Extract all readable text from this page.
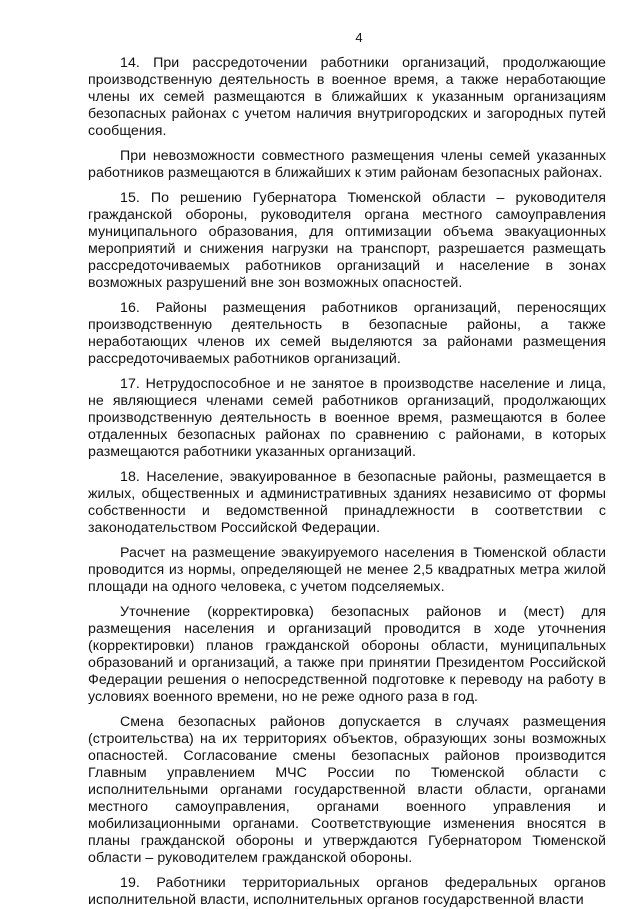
4

14. При рассредоточении работники организаций, продолжающие производственную деятельность в военное время, а также неработающие члены их семей размещаются в ближайших к указанным организациям безопасных районах с учетом наличия внутригородских и загородных путей сообщения.

При невозможности совместного размещения члены семей указанных работников размещаются в ближайших к этим районам безопасных районах.

15. По решению Губернатора Тюменской области – руководителя гражданской обороны, руководителя органа местного самоуправления муниципального образования, для оптимизации объема эвакуационных мероприятий и снижения нагрузки на транспорт, разрешается размещать рассредоточиваемых работников организаций и население в зонах возможных разрушений вне зон возможных опасностей.

16. Районы размещения работников организаций, переносящих производственную деятельность в безопасные районы, а также неработающих членов их семей выделяются за районами размещения рассредоточиваемых работников организаций.

17. Нетрудоспособное и не занятое в производстве население и лица, не являющиеся членами семей работников организаций, продолжающих производственную деятельность в военное время, размещаются в более отдаленных безопасных районах по сравнению с районами, в которых размещаются работники указанных организаций.

18. Население, эвакуированное в безопасные районы, размещается в жилых, общественных и административных зданиях независимо от формы собственности и ведомственной принадлежности в соответствии с законодательством Российской Федерации.

Расчет на размещение эвакуируемого населения в Тюменской области проводится из нормы, определяющей не менее 2,5 квадратных метра жилой площади на одного человека, с учетом подселяемых.

Уточнение (корректировка) безопасных районов и (мест) для размещения населения и организаций проводится в ходе уточнения (корректировки) планов гражданской обороны области, муниципальных образований и организаций, а также при принятии Президентом Российской Федерации решения о непосредственной подготовке к переводу на работу в условиях военного времени, но не реже одного раза в год.

Смена безопасных районов допускается в случаях размещения (строительства) на их территориях объектов, образующих зоны возможных опасностей. Согласование смены безопасных районов производится Главным управлением МЧС России по Тюменской области с исполнительными органами государственной власти области, органами местного самоуправления, органами военного управления и мобилизационными органами. Соответствующие изменения вносятся в планы гражданской обороны и утверждаются Губернатором Тюменской области – руководителем гражданской обороны.

19. Работники территориальных органов федеральных органов исполнительной власти, исполнительных органов государственной власти
